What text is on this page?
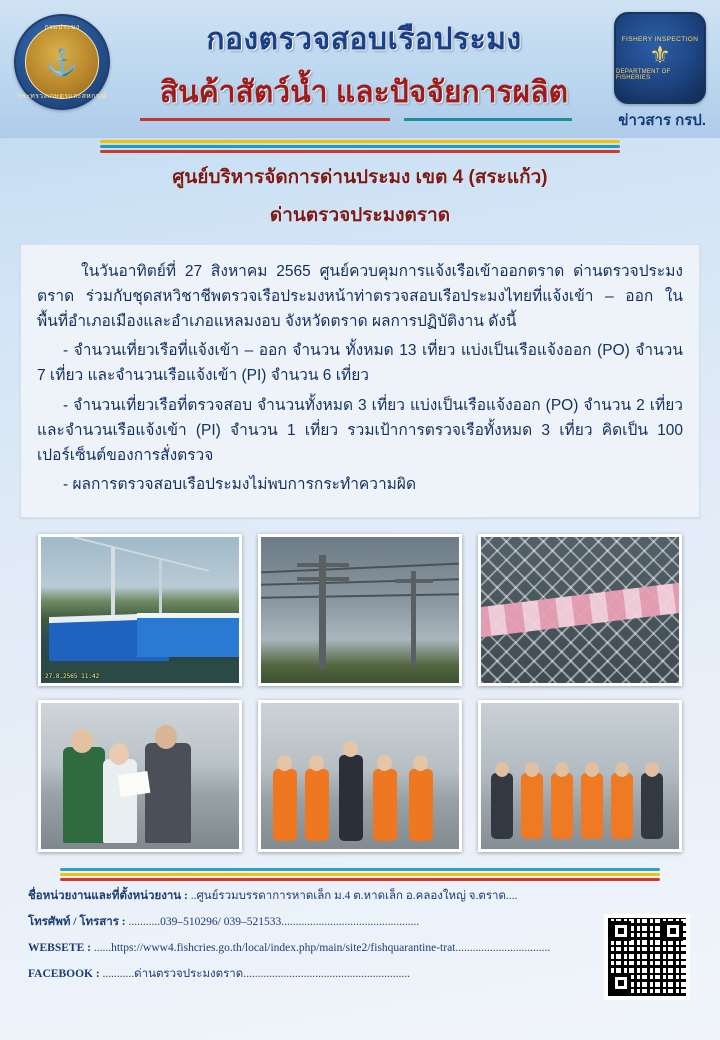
กรมประมง
⚓
กระทรวงเกษตรและสหกรณ์
กองตรวจสอบเรือประมง
สินค้าสัตว์น้ำ และปัจจัยการผลิต
FISHERY INSPECTION
⚜
DEPARTMENT OF FISHERIES
ข่าวสาร กรป.
ศูนย์บริหารจัดการด่านประมง เขต 4 (สระแก้ว)
ด่านตรวจประมงตราด

ในวันอาทิตย์ที่ 27 สิงหาคม 2565 ศูนย์ควบคุมการแจ้งเรือเข้าออกตราด ด่านตรวจประมงตราด ร่วมกับชุดสหวิชาชีพตรวจเรือประมงหน้าท่าตรวจสอบเรือประมงไทยที่แจ้งเข้า – ออก ในพื้นที่อำเภอเมืองและอำเภอแหลมงอบ จังหวัดตราด ผลการปฏิบัติงาน ดังนี้

- จำนวนเที่ยวเรือที่แจ้งเข้า – ออก จำนวน ทั้งหมด 13 เที่ยว แบ่งเป็นเรือแจ้งออก (PO) จำนวน 7 เที่ยว และจำนวนเรือแจ้งเข้า (PI) จำนวน 6 เที่ยว

- จำนวนเที่ยวเรือที่ตรวจสอบ จำนวนทั้งหมด 3 เที่ยว แบ่งเป็นเรือแจ้งออก (PO) จำนวน 2 เที่ยว และจำนวนเรือแจ้งเข้า (PI) จำนวน 1 เที่ยว รวมเป้าการตรวจเรือทั้งหมด 3 เที่ยว คิดเป็น 100 เปอร์เซ็นต์ของการสั่งตรวจ

- ผลการตรวจสอบเรือประมงไม่พบการกระทำความผิด

27.8.2565 11:42
ชื่อหน่วยงานและที่ตั้งหน่วยงาน : ..ศูนย์รวมบรรดาการหาดเล็ก ม.4 ต.หาดเล็ก อ.คลองใหญ่ จ.ตราด....
โทรศัพท์ / โทรสาร : ...........039–510296/ 039–521533................................................
WEBSETE : ......https://www4.fishcries.go.th/local/index.php/main/site2/fishquarantine-trat.................................
FACEBOOK : ...........ด่านตรวจประมงตราด..........................................................
